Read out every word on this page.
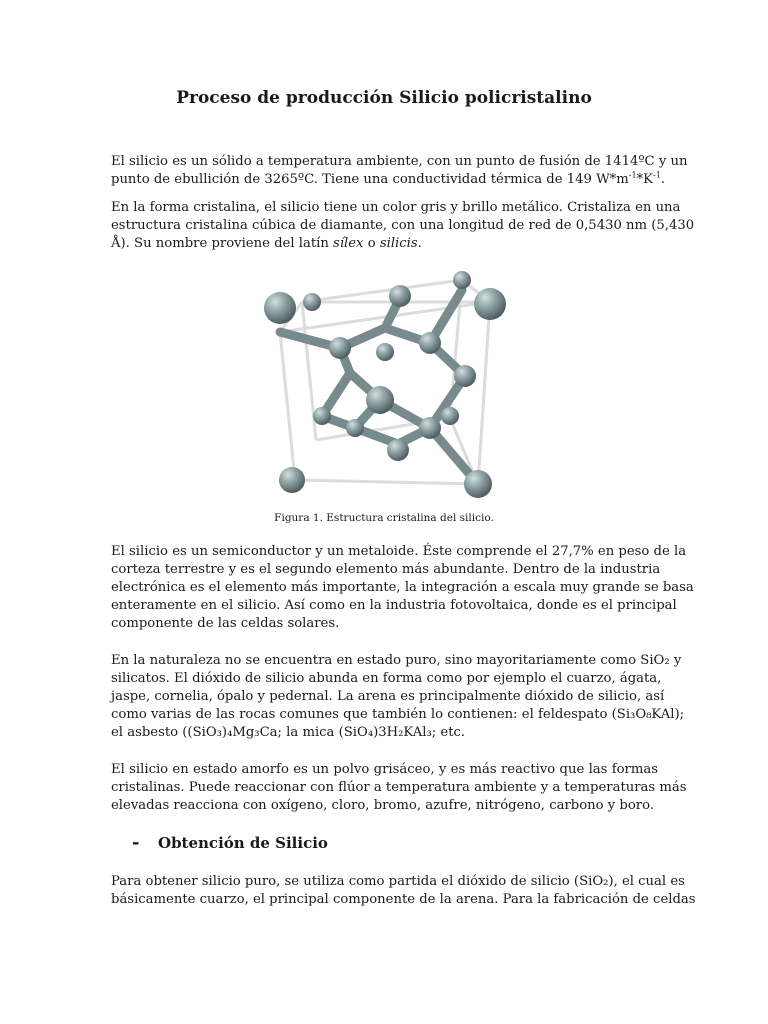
Proceso de producción Silicio policristalino

El silicio es un sólido a temperatura ambiente, con un punto de fusión de 1414ºC y un
punto de ebullición de 3265ºC. Tiene una conductividad térmica de 149 $W*m^{-1}*K^{-1}$.

En la forma cristalina, el silicio tiene un color gris y brillo metálico. Cristaliza en una
estructura cristalina cúbica de diamante, con una longitud de red de 0,5430 nm (5,430
Å). Su nombre proviene del latín sílex o silicis.

Figura 1. Estructura cristalina del silicio.

El silicio es un semiconductor y un metaloide. Éste comprende el 27,7% en peso de la
corteza terrestre y es el segundo elemento más abundante. Dentro de la industria
electrónica es el elemento más importante, la integración a escala muy grande se basa
enteramente en el silicio. Así como en la industria fotovoltaica, donde es el principal
componente de las celdas solares.

En la naturaleza no se encuentra en estado puro, sino mayoritariamente como SiO₂ y
silicatos. El dióxido de silicio abunda en forma como por ejemplo el cuarzo, ágata,
jaspe, cornelia, ópalo y pedernal. La arena es principalmente dióxido de silicio, así
como varias de las rocas comunes que también lo contienen: el feldespato (Si₃O₈KAl);
el asbesto ((SiO₃)₄Mg₃Ca; la mica (SiO₄)3H₂KAl₃; etc.

El silicio en estado amorfo es un polvo grisáceo, y es más reactivo que las formas
cristalinas. Puede reaccionar con flúor a temperatura ambiente y a temperaturas más
elevadas reacciona con oxígeno, cloro, bromo, azufre, nitrógeno, carbono y boro.

- Obtención de Silicio

Para obtener silicio puro, se utiliza como partida el dióxido de silicio (SiO₂), el cual es
básicamente cuarzo, el principal componente de la arena. Para la fabricación de celdas
